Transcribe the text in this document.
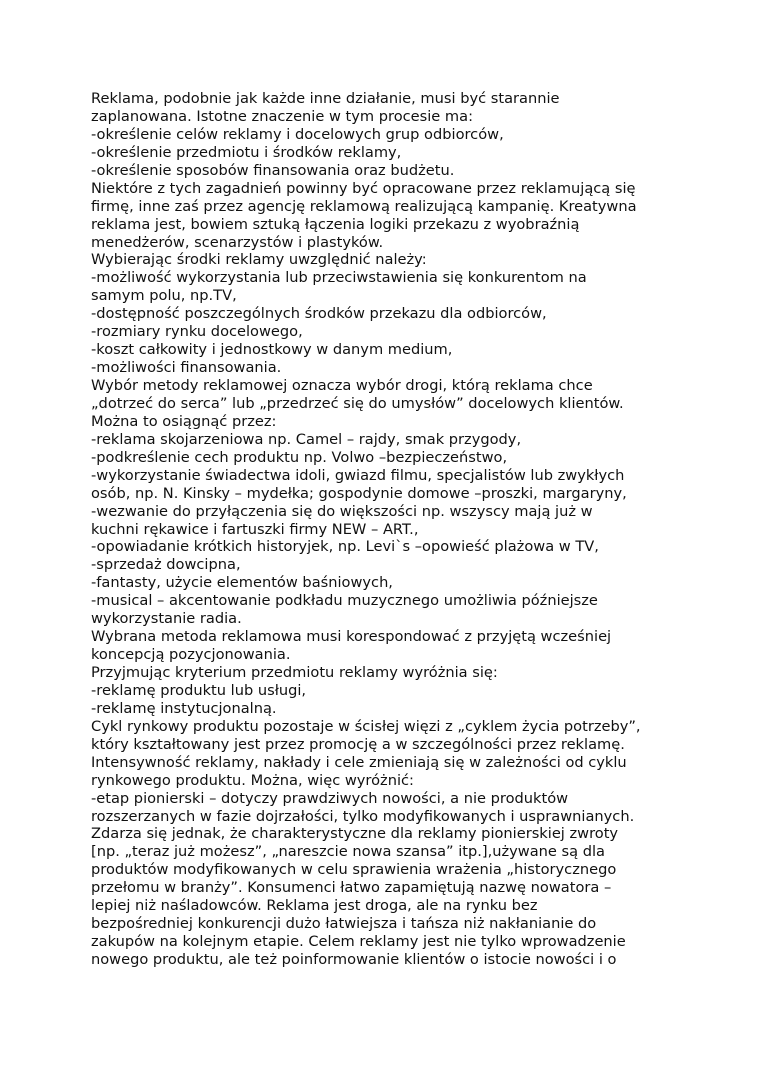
Reklama, podobnie jak każde inne działanie, musi być starannie
zaplanowana. Istotne znaczenie w tym procesie ma:
-określenie celów reklamy i docelowych grup odbiorców,
-określenie przedmiotu i środków reklamy,
-określenie sposobów finansowania oraz budżetu.
Niektóre z tych zagadnień powinny być opracowane przez reklamującą się
firmę, inne zaś przez agencję reklamową realizującą kampanię. Kreatywna
reklama jest, bowiem sztuką łączenia logiki przekazu z wyobraźnią
menedżerów, scenarzystów i plastyków.
Wybierając środki reklamy uwzględnić należy:
-możliwość wykorzystania lub przeciwstawienia się konkurentom na
samym polu, np.TV,
-dostępność poszczególnych środków przekazu dla odbiorców,
-rozmiary rynku docelowego,
-koszt całkowity i jednostkowy w danym medium,
-możliwości finansowania.
Wybór metody reklamowej oznacza wybór drogi, którą reklama chce
„dotrzeć do serca” lub „przedrzeć się do umysłów” docelowych klientów.
Można to osiągnąć przez:
-reklama skojarzeniowa np. Camel – rajdy, smak przygody,
-podkreślenie cech produktu np. Volwo –bezpieczeństwo,
-wykorzystanie świadectwa idoli, gwiazd filmu, specjalistów lub zwykłych
osób, np. N. Kinsky – mydełka; gospodynie domowe –proszki, margaryny,
-wezwanie do przyłączenia się do większości np. wszyscy mają już w
kuchni rękawice i fartuszki firmy NEW – ART.,
-opowiadanie krótkich historyjek, np. Levi`s –opowieść plażowa w TV,
-sprzedaż dowcipna,
-fantasty, użycie elementów baśniowych,
-musical – akcentowanie podkładu muzycznego umożliwia późniejsze
wykorzystanie radia.
Wybrana metoda reklamowa musi korespondować z przyjętą wcześniej
koncepcją pozycjonowania.
Przyjmując kryterium przedmiotu reklamy wyróżnia się:
-reklamę produktu lub usługi,
-reklamę instytucjonalną.
Cykl rynkowy produktu pozostaje w ścisłej więzi z „cyklem życia potrzeby”,
który kształtowany jest przez promocję a w szczególności przez reklamę.
Intensywność reklamy, nakłady i cele zmieniają się w zależności od cyklu
rynkowego produktu. Można, więc wyróżnić:
-etap pionierski – dotyczy prawdziwych nowości, a nie produktów
rozszerzanych w fazie dojrzałości, tylko modyfikowanych i usprawnianych.
Zdarza się jednak, że charakterystyczne dla reklamy pionierskiej zwroty
[np. „teraz już możesz”, „nareszcie nowa szansa” itp.],używane są dla
produktów modyfikowanych w celu sprawienia wrażenia „historycznego
przełomu w branży”. Konsumenci łatwo zapamiętują nazwę nowatora –
lepiej niż naśladowców. Reklama jest droga, ale na rynku bez
bezpośredniej konkurencji dużo łatwiejsza i tańsza niż nakłanianie do
zakupów na kolejnym etapie. Celem reklamy jest nie tylko wprowadzenie
nowego produktu, ale też poinformowanie klientów o istocie nowości i o
